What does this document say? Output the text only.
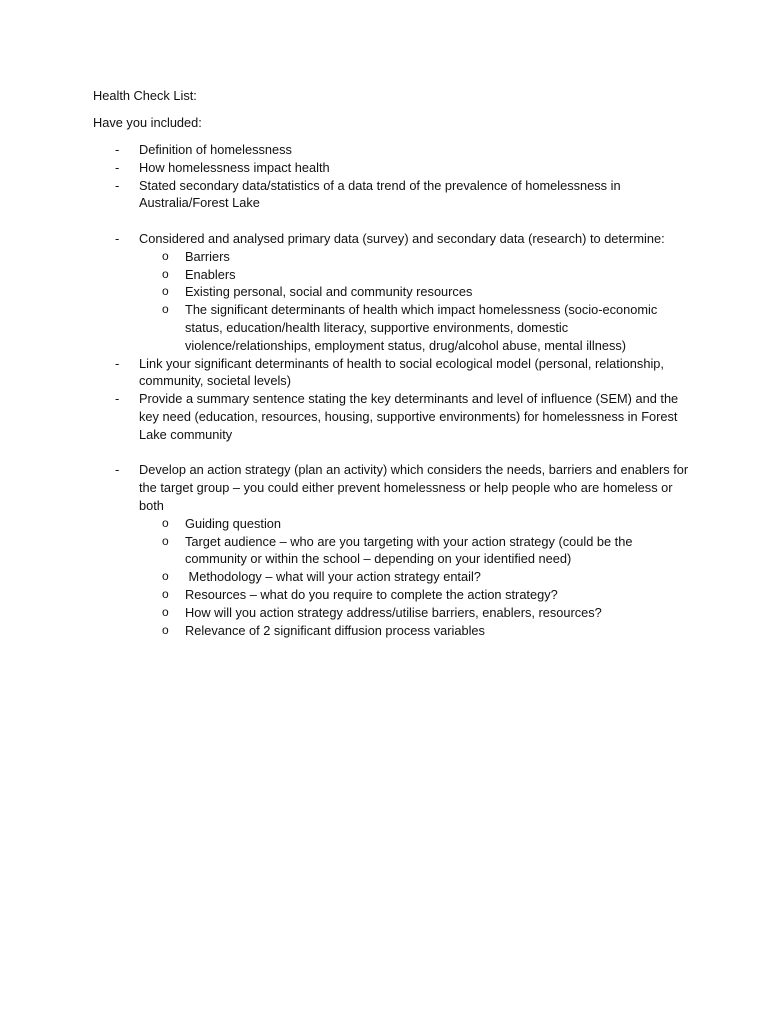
Health Check List:

Have you included:

- Definition of homelessness
- How homelessness impact health
- Stated secondary data/statistics of a data trend of the prevalence of homelessness in Australia/Forest Lake
- Considered and analysed primary data (survey) and secondary data (research) to determine:
o Barriers
o Enablers
o Existing personal, social and community resources
o The significant determinants of health which impact homelessness (socio-economic status, education/health literacy, supportive environments, domestic violence/relationships, employment status, drug/alcohol abuse, mental illness)
- Link your significant determinants of health to social ecological model (personal, relationship, community, societal levels)
- Provide a summary sentence stating the key determinants and level of influence (SEM) and the key need (education, resources, housing, supportive environments) for homelessness in Forest Lake community
- Develop an action strategy (plan an activity) which considers the needs, barriers and enablers for the target group – you could either prevent homelessness or help people who are homeless or both
o Guiding question
o Target audience – who are you targeting with your action strategy (could be the community or within the school – depending on your identified need)
o Methodology – what will your action strategy entail?
o Resources – what do you require to complete the action strategy?
o How will you action strategy address/utilise barriers, enablers, resources?
o Relevance of 2 significant diffusion process variables
